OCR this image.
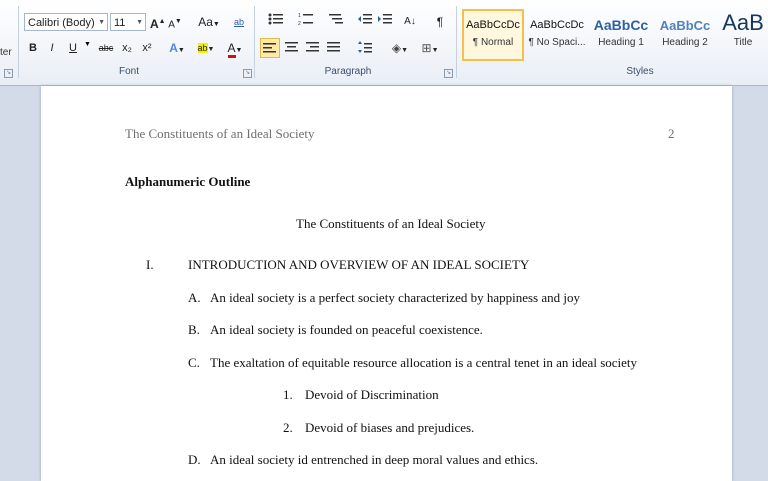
ter
↘
Calibri (Body) ▼ 11 ▼ A▲ A▼ Aa▼	ab
B	I	U	▼ abc x₂ x² A▼	ab▼ A▼
Font	↘
1
2	A↓	¶
◈▼	⊞▼
Paragraph	↘
AaBbCcDc
¶ Normal
AaBbCcDc
¶ No Spaci...
AaBbCc
Heading 1
AaBbCc
Heading 2
AaB
Title
Styles
The Constituents of an Ideal Society	2
Alphanumeric Outline
The Constituents of an Ideal Society
I.	INTRODUCTION AND OVERVIEW OF AN IDEAL SOCIETY
A. An ideal society is a perfect society characterized by happiness and joy
B. An ideal society is founded on peaceful coexistence.
C. The exaltation of equitable resource allocation is a central tenet in an ideal society
1. Devoid of Discrimination
2. Devoid of biases and prejudices.
D. An ideal society id entrenched in deep moral values and ethics.
